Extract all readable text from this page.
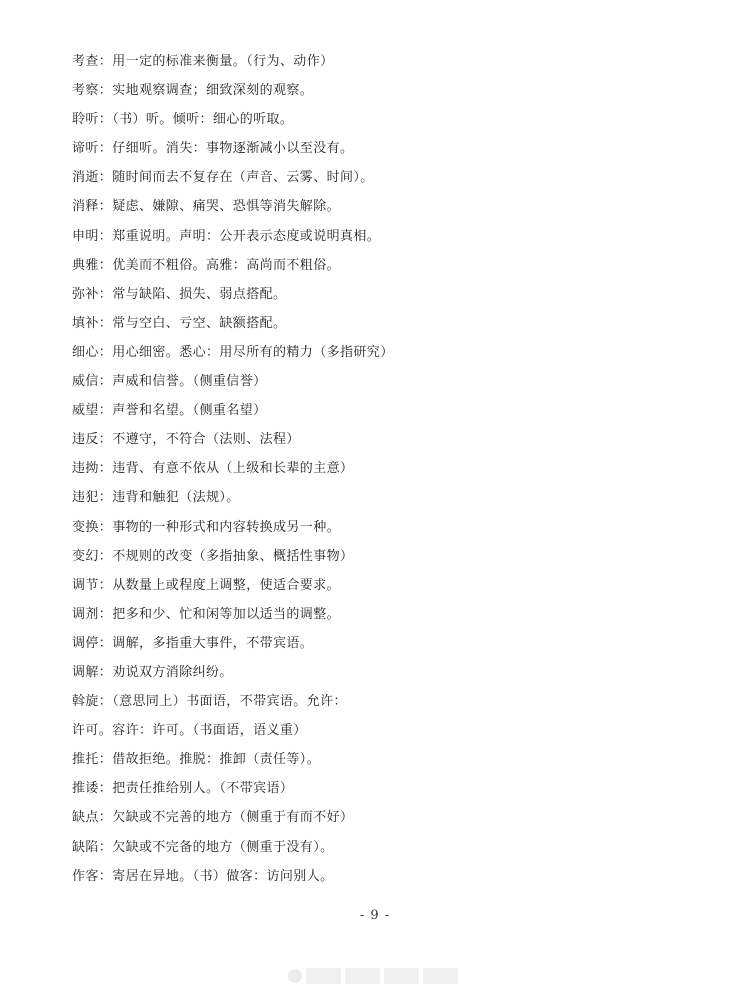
考查：用一定的标准来衡量。（行为、动作）
考察：实地观察调查；细致深刻的观察。
聆听：（书）听。倾听：细心的听取。
谛听：仔细听。消失：事物逐渐减小以至没有。
消逝：随时间而去不复存在（声音、云雾、时间）。
消释：疑虑、嫌隙、痛哭、恐惧等消失解除。
申明：郑重说明。声明：公开表示态度或说明真相。
典雅：优美而不粗俗。高雅：高尚而不粗俗。
弥补：常与缺陷、损失、弱点搭配。
填补：常与空白、亏空、缺额搭配。
细心：用心细密。悉心：用尽所有的精力（多指研究）
威信：声威和信誉。（侧重信誉）
威望：声誉和名望。（侧重名望）
违反：不遵守，不符合（法则、法程）
违拗：违背、有意不依从（上级和长辈的主意）
违犯：违背和触犯（法规）。
变换：事物的一种形式和内容转换成另一种。
变幻：不规则的改变（多指抽象、概括性事物）
调节：从数量上或程度上调整，使适合要求。
调剂：把多和少、忙和闲等加以适当的调整。
调停：调解，多指重大事件，不带宾语。
调解：劝说双方消除纠纷。
斡旋：（意思同上）书面语，不带宾语。允许：
许可。容许：许可。（书面语，语义重）
推托：借故拒绝。推脱：推卸（责任等）。
推诿：把责任推给别人。（不带宾语）
缺点：欠缺或不完善的地方（侧重于有而不好）
缺陷：欠缺或不完备的地方（侧重于没有）。
作客：寄居在异地。（书）做客：访问别人。
- 9 -
